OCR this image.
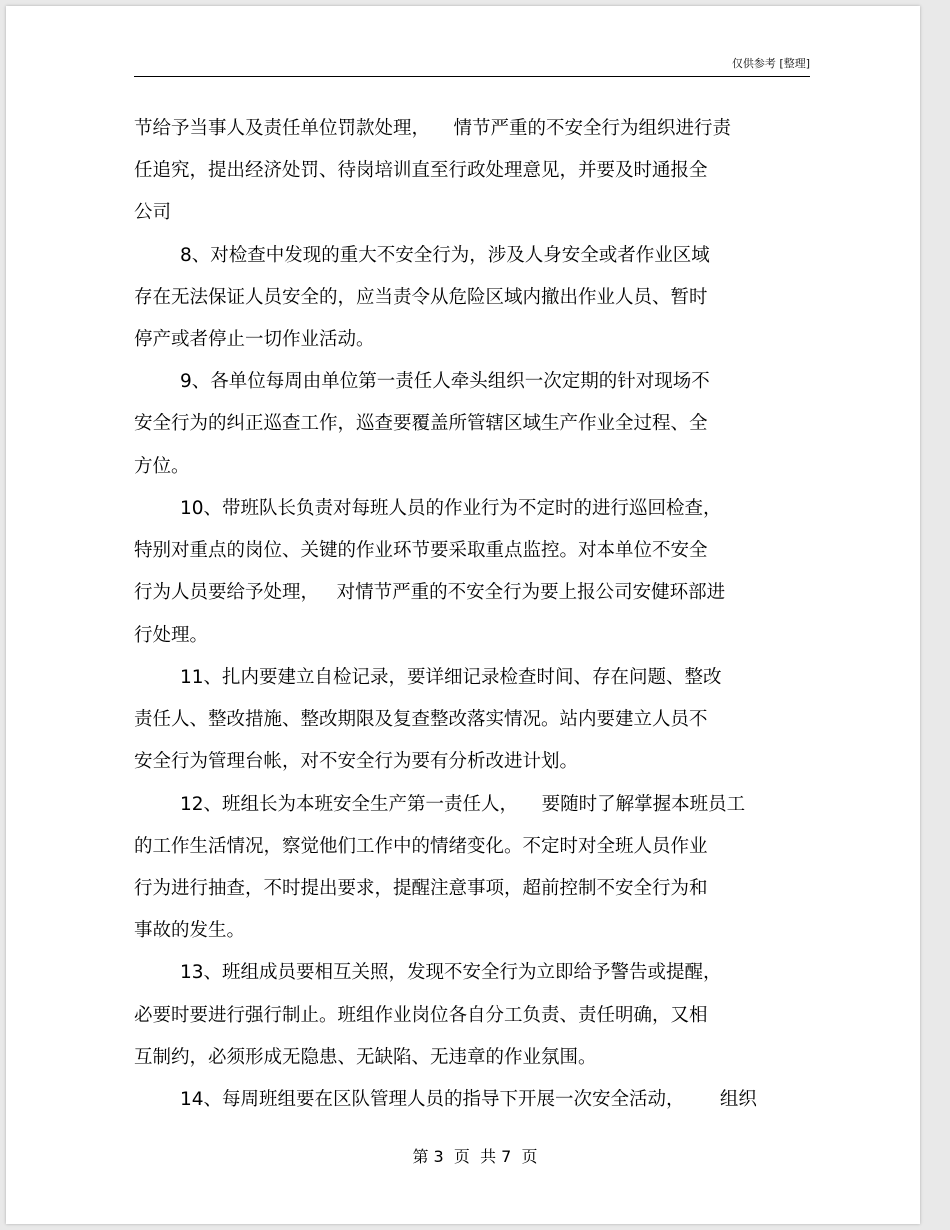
仅供参考 [整理]
节给予当事人及责任单位罚款处理，    情节严重的不安全行为组织进行责
任追究，提出经济处罚、待岗培训直至行政处理意见，并要及时通报全
公司
8、对检查中发现的重大不安全行为，涉及人身安全或者作业区域
存在无法保证人员安全的，应当责令从危险区域内撤出作业人员、暂时
停产或者停止一切作业活动。
9、各单位每周由单位第一责任人牵头组织一次定期的针对现场不
安全行为的纠正巡查工作，巡查要覆盖所管辖区域生产作业全过程、全
方位。
10、带班队长负责对每班人员的作业行为不定时的进行巡回检查，
特别对重点的岗位、关键的作业环节要采取重点监控。对本单位不安全
行为人员要给予处理，   对情节严重的不安全行为要上报公司安健环部进
行处理。
11、扎内要建立自检记录，要详细记录检查时间、存在问题、整改
责任人、整改措施、整改期限及复查整改落实情况。站内要建立人员不
安全行为管理台帐，对不安全行为要有分析改进计划。
12、班组长为本班安全生产第一责任人，    要随时了解掌握本班员工
的工作生活情况，察觉他们工作中的情绪变化。不定时对全班人员作业
行为进行抽查，不时提出要求，提醒注意事项，超前控制不安全行为和
事故的发生。
13、班组成员要相互关照，发现不安全行为立即给予警告或提醒，
必要时要进行强行制止。班组作业岗位各自分工负责、责任明确，又相
互制约，必须形成无隐患、无缺陷、无违章的作业氛围。
14、每周班组要在区队管理人员的指导下开展一次安全活动，      组织
第 3  页  共 7  页
